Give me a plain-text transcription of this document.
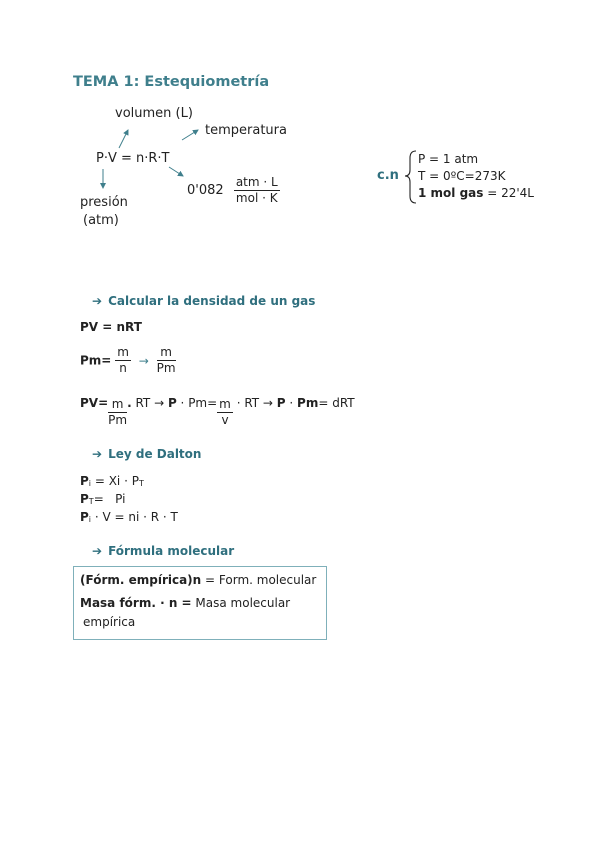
TEMA 1: Estequiometría
volumen (L)
temperatura
P·V = n·R·T
$0'082 \frac{\text{atm · L}}{\text{mol · K}}$
presión
(atm)
c.n
P = 1 atm
T = 0ºC=273K
1 mol gas = 22'4L
➔ Calcular la densidad de un gas
PV = nRT
$Pm= \frac{m}{n} \to \frac{m}{Pm}$
$PV= \frac{m}{Pm}$ . RT → $P \cdot Pm= \frac{m}{v}$ · RT → P · Pm= dRT
➔ Ley de Dalton
$P_i = Xi \cdot P_T$
$P_T= Pi$
$P_i \cdot V$ = ni · R · T
➔ Fórmula molecular
(Fórm. empírica)n = Form. molecular
Masa fórm. · n = Masa molecular
empírica
